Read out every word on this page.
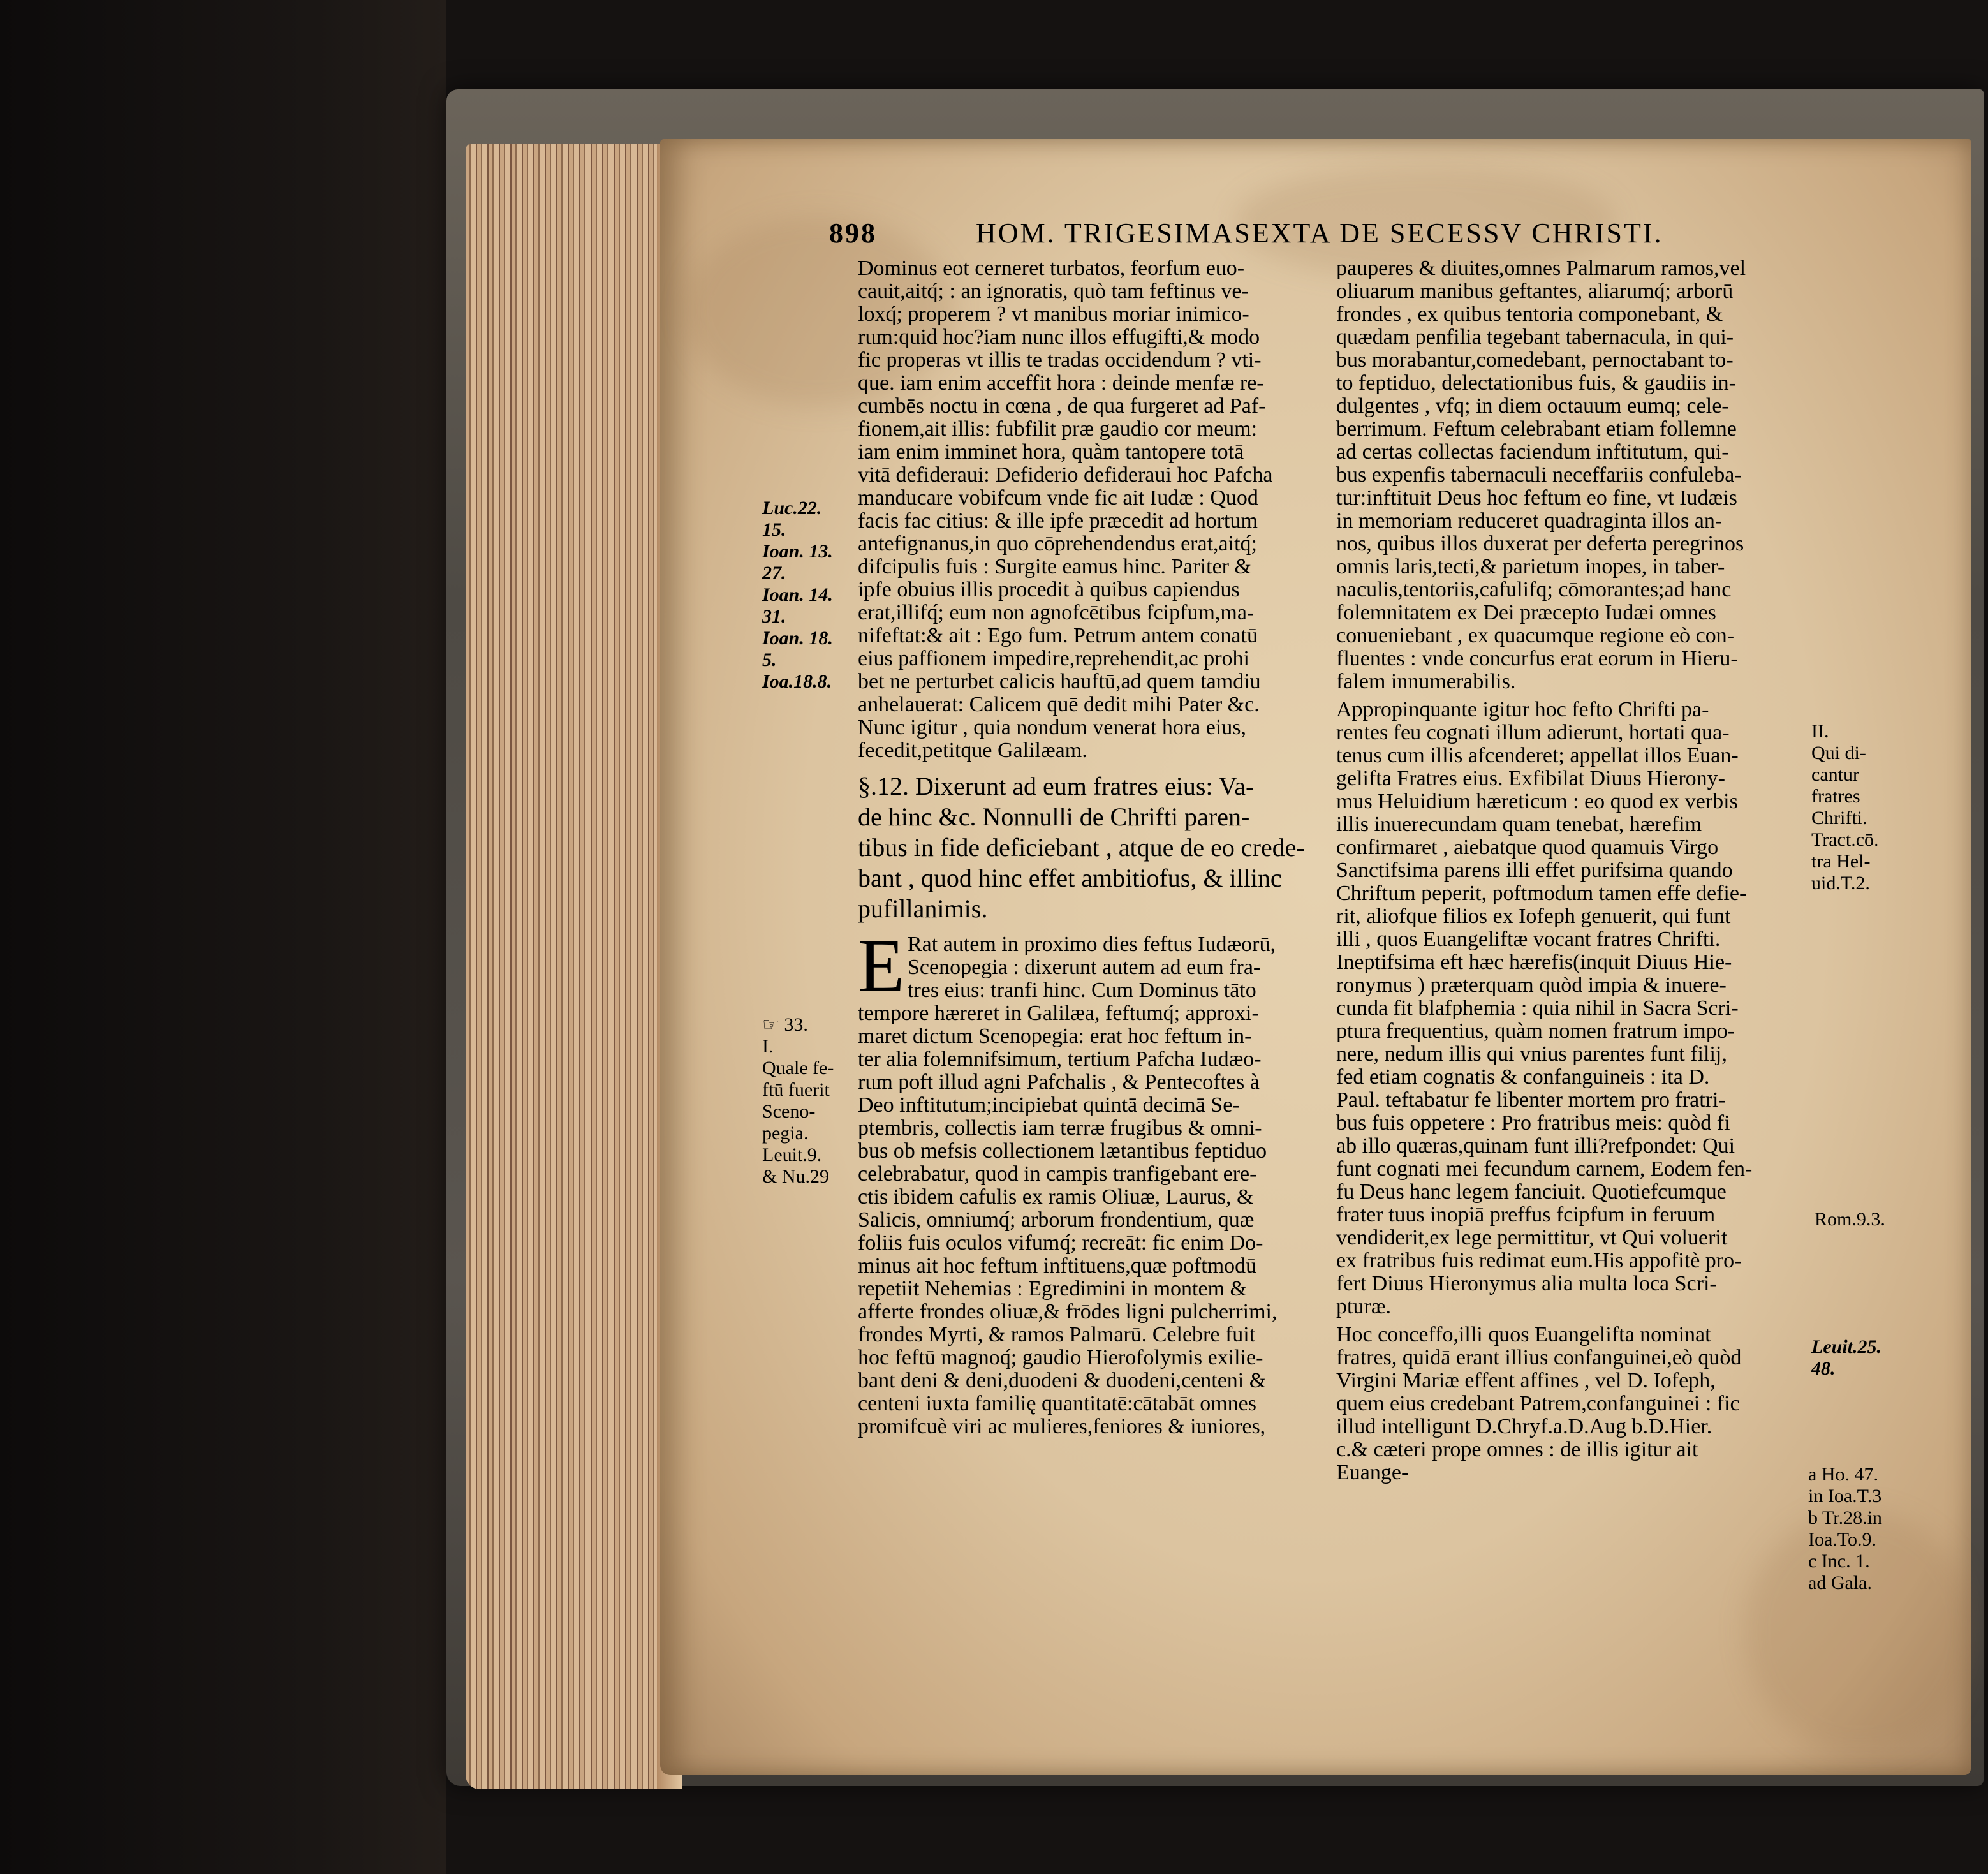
898	HOM. TRIGESIMASEXTA DE SECESSV CHRISTI.
Dominus eot cerneret turbatos, feorfum euo-
cauit,aitq́; : an ignoratis, quò tam feftinus ve-
loxq́; properem ? vt manibus moriar inimico-
rum:quid hoc?iam nunc illos effugifti,& modo
fic properas vt illis te tradas occidendum ? vti-
que. iam enim acceffit hora : deinde menfæ re-
cumbēs noctu in cœna , de qua furgeret ad Paf-
fionem,ait illis: fubfilit præ gaudio cor meum:
iam enim imminet hora, quàm tantopere totā
vitā defideraui: Defiderio defideraui hoc Pafcha
manducare vobifcum vnde fic ait Iudæ : Quod
facis fac citius: & ille ipfe præcedit ad hortum
antefignanus,in quo cōprehendendus erat,aitq́;
difcipulis fuis : Surgite eamus hinc. Pariter &
ipfe obuius illis procedit à quibus capiendus
erat,illifq́; eum non agnofcētibus fcipfum,ma-
nifeftat:& ait : Ego fum. Petrum antem conatū
eius paffionem impedire,reprehendit,ac prohi
bet ne perturbet calicis hauftū,ad quem tamdiu
anhelauerat: Calicem quē dedit mihi Pater &c.
Nunc igitur , quia nondum venerat hora eius,
fecedit,petitque Galilæam.
§.12. Dixerunt ad eum fratres eius: Va-
de hinc &c. Nonnulli de Chrifti paren-
tibus in fide deficiebant , atque de eo crede-
bant , quod hinc effet ambitiofus, & illinc
pufillanimis.
E Rat autem in proximo dies feftus Iudæorū,
Scenopegia : dixerunt autem ad eum fra-
tres eius: tranfi hinc. Cum Dominus tāto
tempore hæreret in Galilæa, feftumq́; approxi-
maret dictum Scenopegia: erat hoc feftum in-
ter alia folemnifsimum, tertium Pafcha Iudæo-
rum poft illud agni Pafchalis , & Pentecoftes à
Deo inftitutum;incipiebat quintā decimā Se-
ptembris, collectis iam terræ frugibus & omni-
bus ob mefsis collectionem lætantibus feptiduo
celebrabatur, quod in campis tranfigebant ere-
ctis ibidem cafulis ex ramis Oliuæ, Laurus, &
Salicis, omniumq́; arborum frondentium, quæ
foliis fuis oculos vifumq́; recreāt: fic enim Do-
minus ait hoc feftum inftituens,quæ poftmodū
repetiit Nehemias : Egredimini in montem &
afferte frondes oliuæ,& frōdes ligni pulcherrimi,
frondes Myrti, & ramos Palmarū. Celebre fuit
hoc feftū magnoq́; gaudio Hierofolymis exilie-
bant deni & deni,duodeni & duodeni,centeni &
centeni iuxta familię quantitatē:cātabāt omnes
promifcuè viri ac mulieres,feniores & iuniores,
pauperes & diuites,omnes Palmarum ramos,vel
oliuarum manibus geftantes, aliarumq́; arborū
frondes , ex quibus tentoria componebant, &
quædam penfilia tegebant tabernacula, in qui-
bus morabantur,comedebant, pernoctabant to-
to feptiduo, delectationibus fuis, & gaudiis in-
dulgentes , vfq; in diem octauum eumq; cele-
berrimum. Feftum celebrabant etiam follemne
ad certas collectas faciendum inftitutum, qui-
bus expenfis tabernaculi neceffariis confuleba-
tur:inftituit Deus hoc feftum eo fine, vt Iudæis
in memoriam reduceret quadraginta illos an-
nos, quibus illos duxerat per deferta peregrinos
omnis laris,tecti,& parietum inopes, in taber-
naculis,tentoriis,cafulifq; cōmorantes;ad hanc
folemnitatem ex Dei præcepto Iudæi omnes
conueniebant , ex quacumque regione eò con-
fluentes : vnde concurfus erat eorum in Hieru-
falem innumerabilis.
Appropinquante igitur hoc fefto Chrifti pa-
rentes feu cognati illum adierunt, hortati qua-
tenus cum illis afcenderet; appellat illos Euan-
gelifta Fratres eius. Exfibilat Diuus Hierony-
mus Heluidium hæreticum : eo quod ex verbis
illis inuerecundam quam tenebat, hærefim
confirmaret , aiebatque quod quamuis Virgo
Sanctifsima parens illi effet purifsima quando
Chriftum peperit, poftmodum tamen effe defie-
rit, aliofque filios ex Iofeph genuerit, qui funt
illi , quos Euangeliftæ vocant fratres Chrifti.
Ineptifsima eft hæc hærefis(inquit Diuus Hie-
ronymus ) præterquam quòd impia & inuere-
cunda fit blafphemia : quia nihil in Sacra Scri-
ptura frequentius, quàm nomen fratrum impo-
nere, nedum illis qui vnius parentes funt filij,
fed etiam cognatis & confanguineis : ita D.
Paul. teftabatur fe libenter mortem pro fratri-
bus fuis oppetere : Pro fratribus meis: quòd fi
ab illo quæras,quinam funt illi?refpondet: Qui
funt cognati mei fecundum carnem, Eodem fen-
fu Deus hanc legem fanciuit. Quotiefcumque
frater tuus inopiā preffus fcipfum in feruum
vendiderit,ex lege permittitur, vt Qui voluerit
ex fratribus fuis redimat eum.His appofitè pro-
fert Diuus Hieronymus alia multa loca Scri-
pturæ.
Hoc conceffo,illi quos Euangelifta nominat
fratres, quidā erant illius confanguinei,eò quòd
Virgini Mariæ effent affines , vel D. Iofeph,
quem eius credebant Patrem,confanguinei : fic
illud intelligunt D.Chryf.a.D.Aug b.D.Hier.
c.& cæteri prope omnes : de illis igitur ait
Euange-
Luc.22.
15.
Ioan. 13.
27.
Ioan. 14.
31.
Ioan. 18.
5.
Ioa.18.8.
☞ 33.
I.
Quale fe-
ftū fuerit
Sceno-
pegia.
Leuit.9.
& Nu.29
II.
Qui di-
cantur
fratres
Chrifti.
Tract.cō.
tra Hel-
uid.T.2.
Rom.9.3.
Leuit.25.
48.
a Ho. 47.
in Ioa.T.3
b Tr.28.in
Ioa.To.9.
c Inc. 1.
ad Gala.
